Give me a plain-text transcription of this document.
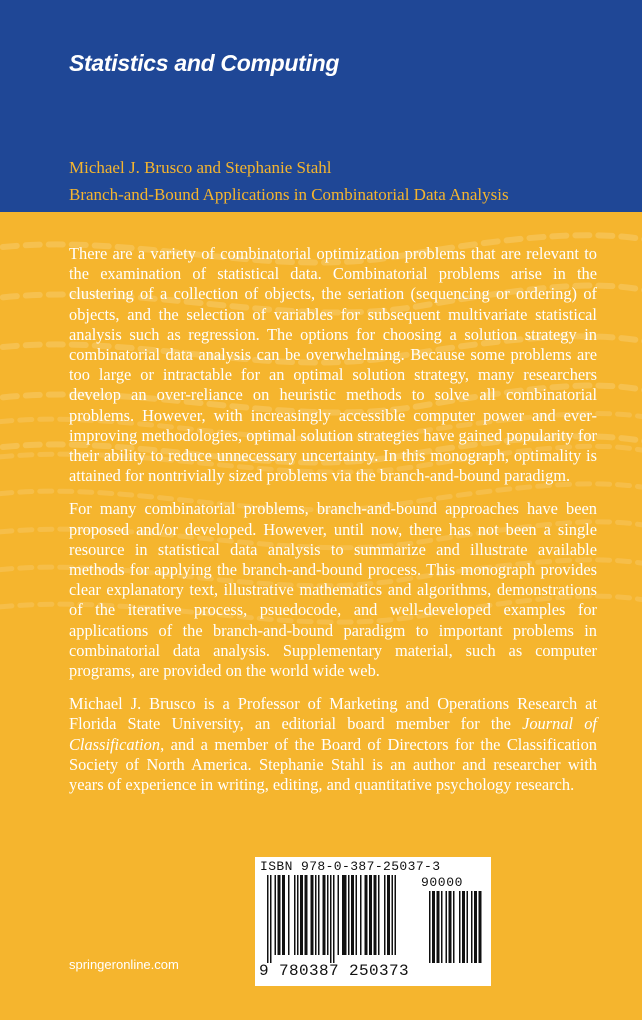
Statistics and Computing

Michael J. Brusco and Stephanie Stahl

Branch-and-Bound Applications in Combinatorial Data Analysis

There are a variety of combinatorial optimization problems that are relevant to the examination of statistical data. Combinatorial problems arise in the clustering of a collection of objects, the seriation (sequencing or ordering) of objects, and the selection of variables for subsequent multivariate statistical analysis such as regression. The options for choosing a solution strategy in combinatorial data analysis can be overwhelming. Because some problems are too large or intractable for an optimal solution strategy, many researchers develop an over-reliance on heuristic methods to solve all combinatorial problems. However, with increasingly accessible computer power and ever-improving methodologies, optimal solution strategies have gained popularity for their ability to reduce unnecessary uncertainty. In this monograph, optimality is attained for nontrivially sized problems via the branch-and-bound paradigm.

For many combinatorial problems, branch-and-bound approaches have been proposed and/or developed. However, until now, there has not been a single resource in statistical data analysis to summarize and illustrate available methods for applying the branch-and-bound process. This monograph provides clear explanatory text, illustrative mathematics and algorithms, demonstrations of the iterative process, psuedocode, and well-developed examples for applications of the branch-and-bound paradigm to important problems in combinatorial data analysis. Supplementary material, such as computer programs, are provided on the world wide web.

Michael J. Brusco is a Professor of Marketing and Operations Research at Florida State University, an editorial board member for the Journal of Classification, and a member of the Board of Directors for the Classification Society of North America. Stephanie Stahl is an author and researcher with years of experience in writing, editing, and quantitative psychology research.

springeronline.com
ISBN 978-0-387-25037-3
90000
9 780387 250373
